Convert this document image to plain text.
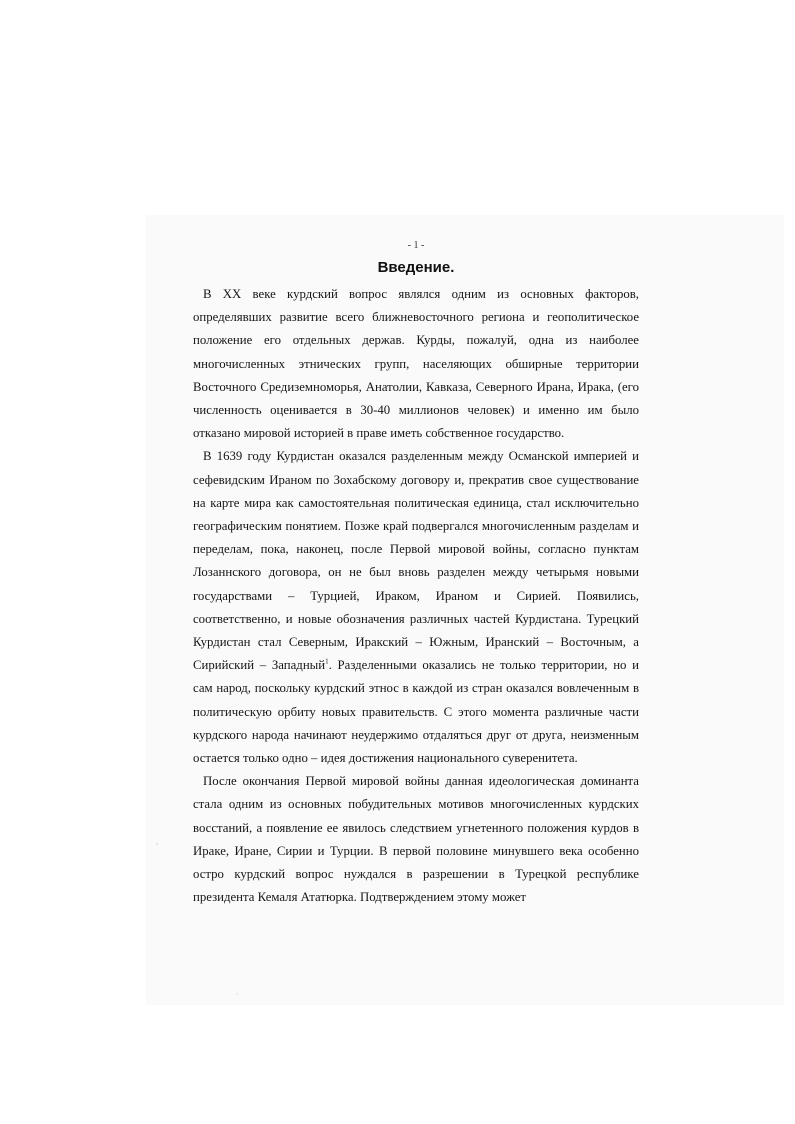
- 1 -
Введение.

В XX веке курдский вопрос являлся одним из основных факторов, определявших развитие всего ближневосточного региона и геополитическое положение его отдельных держав. Курды, пожалуй, одна из наиболее многочисленных этнических групп, населяющих обширные территории Восточного Средиземноморья, Анатолии, Кавказа, Северного Ирана, Ирака, (его численность оценивается в 30-40 миллионов человек) и именно им было отказано мировой историей в праве иметь собственное государство.

В 1639 году Курдистан оказался разделенным между Османской империей и сефевидским Ираном по Зохабскому договору и, прекратив свое существование на карте мира как самостоятельная политическая единица, стал исключительно географическим понятием. Позже край подвергался многочисленным разделам и переделам, пока, наконец, после Первой мировой войны, согласно пунктам Лозаннского договора, он не был вновь разделен между четырьмя новыми государствами – Турцией, Ираком, Ираном и Сирией. Появились, соответственно, и новые обозначения различных частей Курдистана. Турецкий Курдистан стал Северным, Иракский – Южным, Иранский – Восточным, а Сирийский – Западный$^1$. Разделенными оказались не только территории, но и сам народ, поскольку курдский этнос в каждой из стран оказался вовлеченным в политическую орбиту новых правительств. С этого момента различные части курдского народа начинают неудержимо отдаляться друг от друга, неизменным остается только одно – идея достижения национального суверенитета.

После окончания Первой мировой войны данная идеологическая доминанта стала одним из основных побудительных мотивов многочисленных курдских восстаний, а появление ее явилось следствием угнетенного положения курдов в Ираке, Иране, Сирии и Турции. В первой половине минувшего века особенно остро курдский вопрос нуждался в разрешении в Турецкой республике президента Кемаля Ататюрка. Подтверждением этому может

'
·
